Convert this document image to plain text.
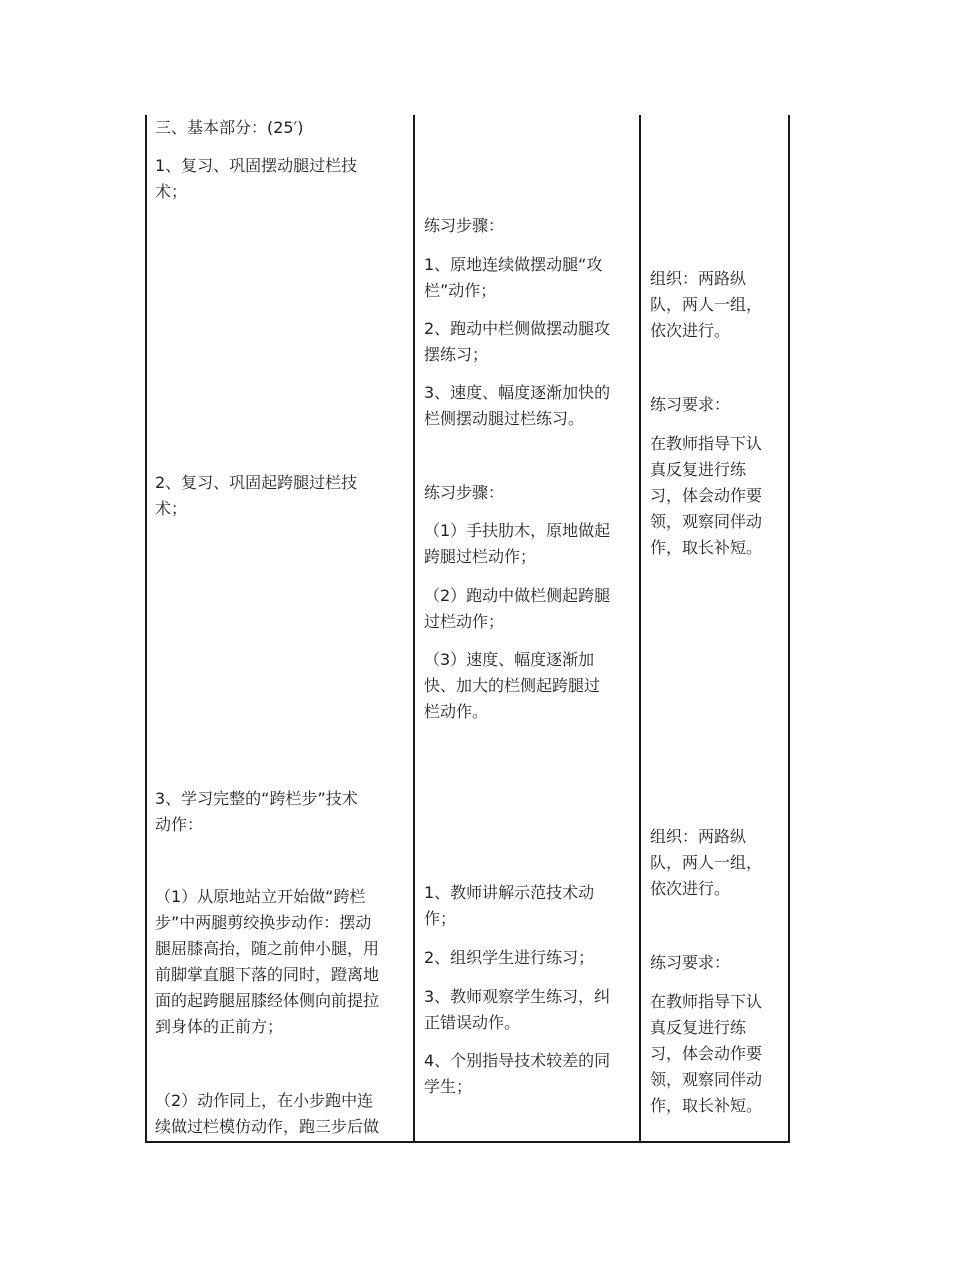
三、基本部分：(25′)

1、复习、巩固摆动腿过栏技

术；

2、复习、巩固起跨腿过栏技

术；

3、学习完整的“跨栏步”技术

动作：

（1）从原地站立开始做“跨栏

步”中两腿剪绞换步动作：摆动

腿屈膝高抬，随之前伸小腿，用

前脚掌直腿下落的同时，蹬离地

面的起跨腿屈膝经体侧向前提拉

到身体的正前方；

（2）动作同上，在小步跑中连

续做过栏模仿动作，跑三步后做

练习步骤：

1、原地连续做摆动腿“攻

栏”动作；

2、跑动中栏侧做摆动腿攻

摆练习；

3、速度、幅度逐渐加快的

栏侧摆动腿过栏练习。

练习步骤：

（1）手扶肋木，原地做起

跨腿过栏动作；

（2）跑动中做栏侧起跨腿

过栏动作；

（3）速度、幅度逐渐加

快、加大的栏侧起跨腿过

栏动作。

1、教师讲解示范技术动

作；

2、组织学生进行练习；

3、教师观察学生练习，纠

正错误动作。

4、个别指导技术较差的同

学生；

组织：两路纵

队，两人一组，

依次进行。

练习要求：

在教师指导下认

真反复进行练

习，体会动作要

领，观察同伴动

作，取长补短。

组织：两路纵

队，两人一组，

依次进行。

练习要求：

在教师指导下认

真反复进行练

习，体会动作要

领，观察同伴动

作，取长补短。
